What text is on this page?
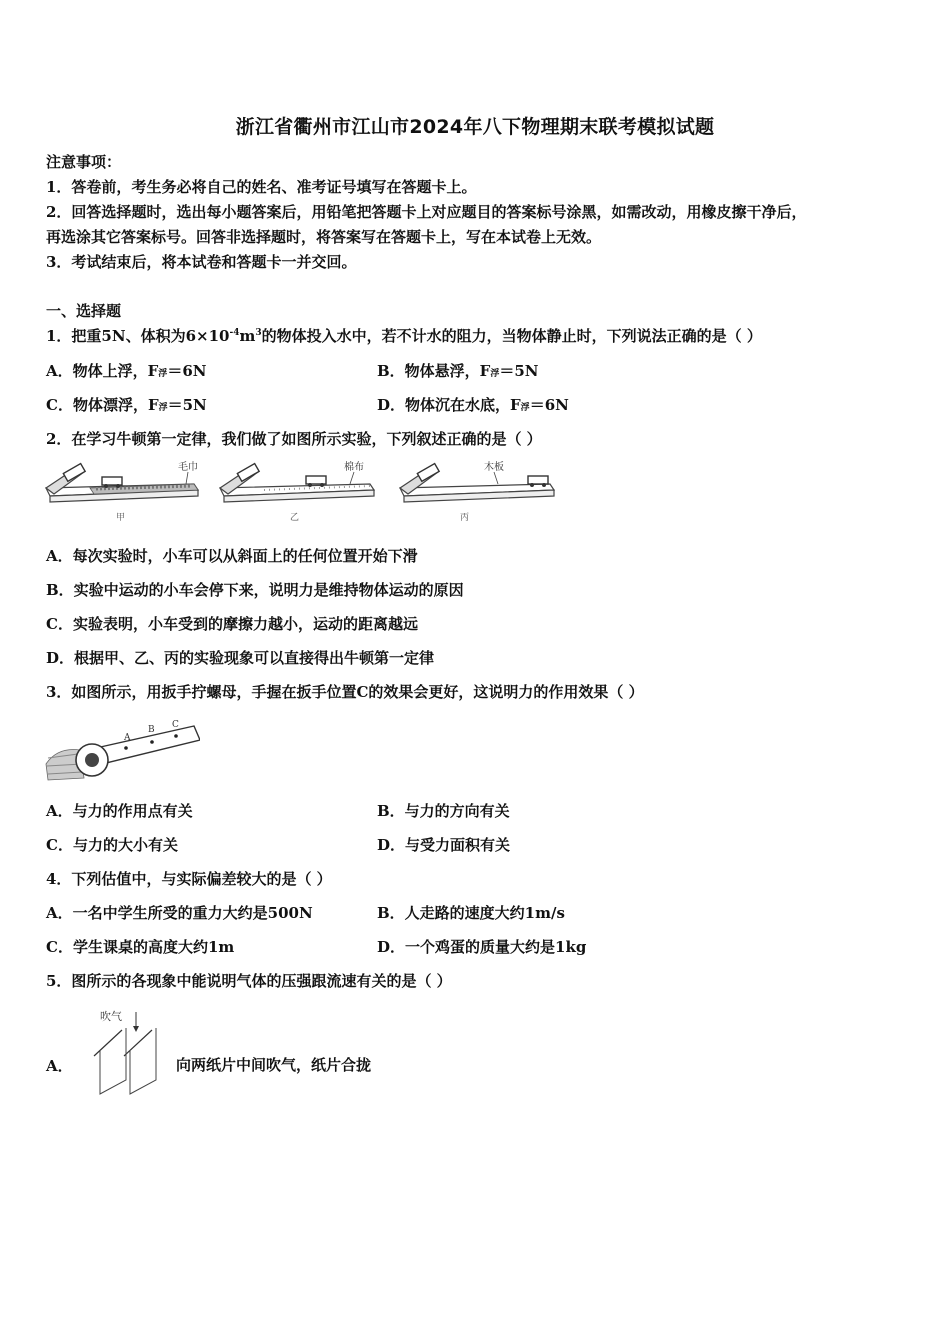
浙江省衢州市江山市2024年八下物理期末联考模拟试题
注意事项：
1．答卷前，考生务必将自己的姓名、准考证号填写在答题卡上。
2．回答选择题时，选出每小题答案后，用铅笔把答题卡上对应题目的答案标号涂黑，如需改动，用橡皮擦干净后，
再选涂其它答案标号。回答非选择题时，将答案写在答题卡上，写在本试卷上无效。
3．考试结束后，将本试卷和答题卡一并交回。
一、选择题
1．把重5N、体积为$6\times 10^{-4}m^3$的物体投入水中，若不计水的阻力，当物体静止时，下列说法正确的是（ ）
A．物体上浮，F浮＝6N	B．物体悬浮，F浮＝5N
C．物体漂浮，F浮＝5N	D．物体沉在水底，F浮＝6N
2．在学习牛顿第一定律，我们做了如图所示实验，下列叙述正确的是（ ）
毛巾
甲
棉布
乙
木板
丙
A．每次实验时，小车可以从斜面上的任何位置开始下滑
B．实验中运动的小车会停下来，说明力是维持物体运动的原因
C．实验表明，小车受到的摩擦力越小，运动的距离越远
D．根据甲、乙、丙的实验现象可以直接得出牛顿第一定律
3．如图所示，用扳手拧螺母，手握在扳手位置C的效果会更好，这说明力的作用效果（ ）
A
B C
A．与力的作用点有关	B．与力的方向有关
C．与力的大小有关	D．与受力面积有关
4．下列估值中，与实际偏差较大的是（ ）
A．一名中学生所受的重力大约是500N	B．人走路的速度大约1m/s
C．学生课桌的高度大约1m	D．一个鸡蛋的质量大约是1kg
5．图所示的各现象中能说明气体的压强跟流速有关的是（ ）
A．
吹气
向两纸片中间吹气，纸片合拢
